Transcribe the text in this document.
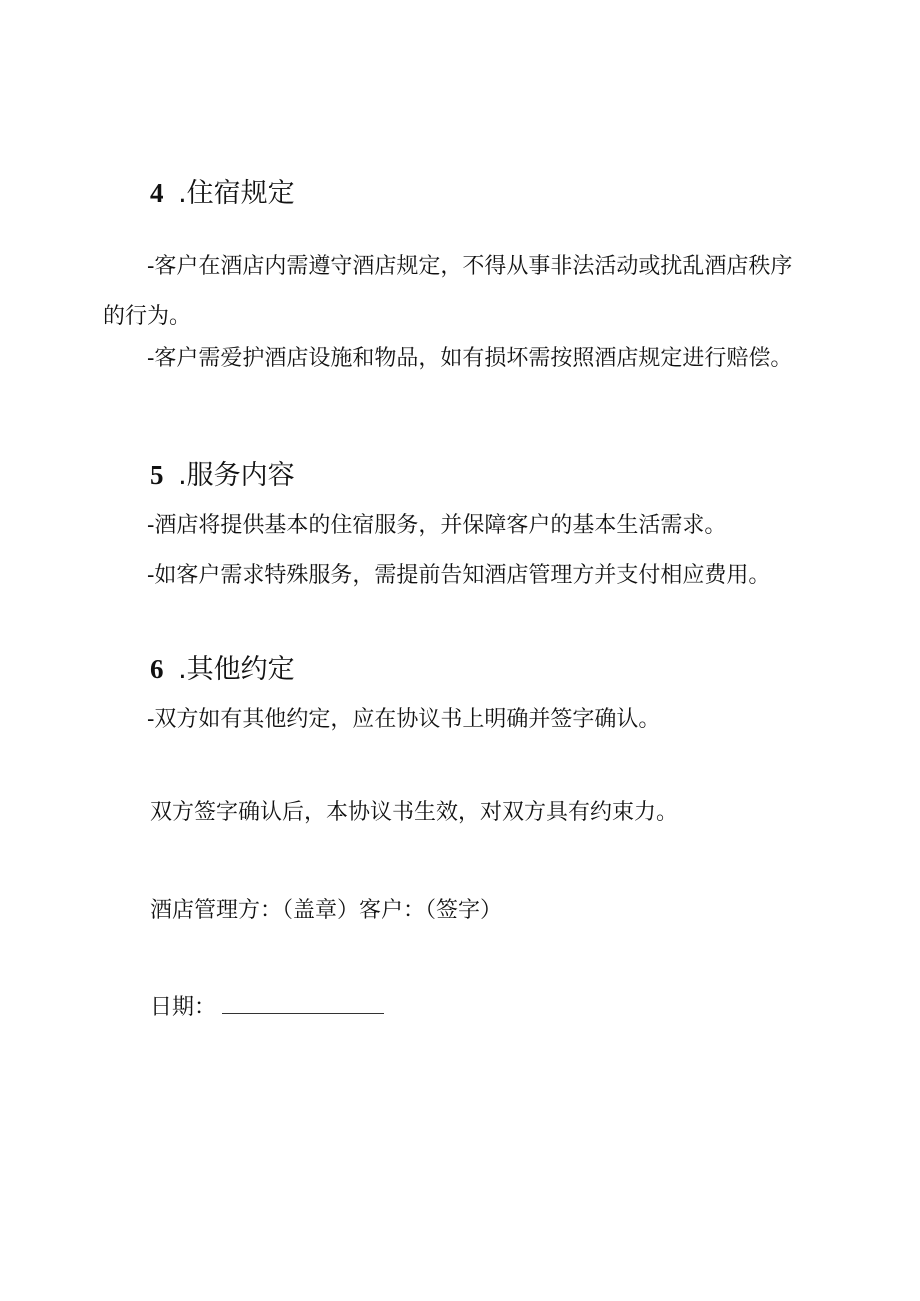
4 .住宿规定
-客户在酒店内需遵守酒店规定，不得从事非法活动或扰乱酒店秩序的行为。
-客户需爱护酒店设施和物品，如有损坏需按照酒店规定进行赔偿。
5 .服务内容
-酒店将提供基本的住宿服务，并保障客户的基本生活需求。
-如客户需求特殊服务，需提前告知酒店管理方并支付相应费用。
6 .其他约定
-双方如有其他约定，应在协议书上明确并签字确认。
双方签字确认后，本协议书生效，对双方具有约束力。
酒店管理方：（盖章）客户：（签字）
日期：
